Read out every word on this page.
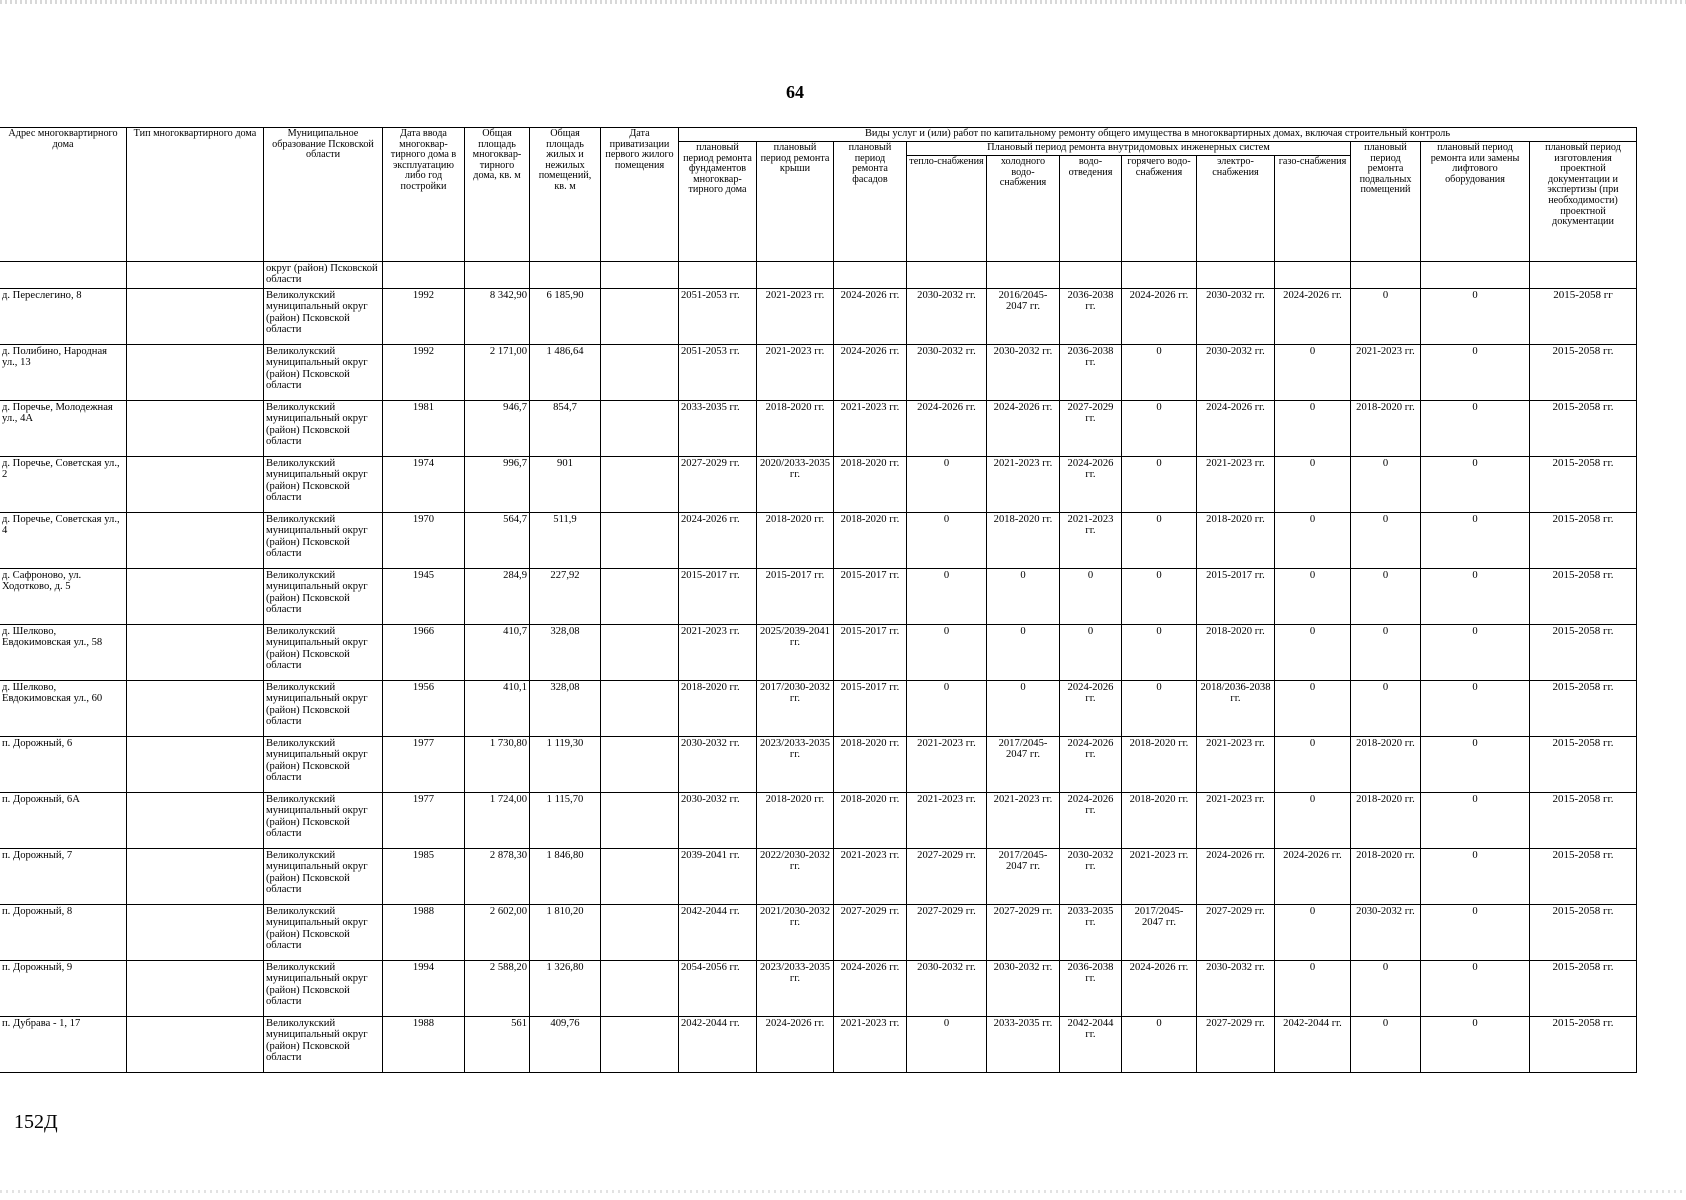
64
Адрес многоквартирного дома	Тип многоквартирного дома	Муниципальное образование Псковской области	Дата ввода многоквар-тирного дома в эксплуатацию либо год постройки	Общая площадь многоквар-тирного дома, кв. м	Общая площадь жилых и нежилых помещений, кв. м	Дата приватизации первого жилого помещения	Виды услуг и (или) работ по капитальному ремонту общего имущества в многоквартирных домах, включая строительный контроль											
							плановый период ремонта фундаментов многоквар-тирного дома	плановый период ремонта крыши	плановый период ремонта фасадов	Плановый период ремонта внутридомовых инженерных систем						плановый период ремонта подвальных помещений	плановый период ремонта или замены лифтового оборудования	плановый период изготовления проектной документации и экспертизы (при необходимости) проектной документации
										тепло-снабжения	холодного водо-снабжения	водо-отведения	горячего водо-снабжения	электро-снабжения	газо-снабжения			
		округ (район) Псковской области																
д. Переслегино, 8		Великолукский муниципальный округ (район) Псковской области	1992	8 342,90	6 185,90		2051-2053 гг.	2021-2023 гг.	2024-2026 гг.	2030-2032 гг.	2016/2045-2047 гг.	2036-2038 гг.	2024-2026 гг.	2030-2032 гг.	2024-2026 гг.	0	0	2015-2058 гг
д. Полибино, Народная ул., 13		Великолукский муниципальный округ (район) Псковской области	1992	2 171,00	1 486,64		2051-2053 гг.	2021-2023 гг.	2024-2026 гг.	2030-2032 гг.	2030-2032 гг.	2036-2038 гг.	0	2030-2032 гг.	0	2021-2023 гг.	0	2015-2058 гг.
д. Поречье, Молодежная ул., 4А		Великолукский муниципальный округ (район) Псковской области	1981	946,7	854,7		2033-2035 гг.	2018-2020 гг.	2021-2023 гг.	2024-2026 гг.	2024-2026 гг.	2027-2029 гг.	0	2024-2026 гг.	0	2018-2020 гг.	0	2015-2058 гг.
д. Поречье, Советская ул., 2		Великолукский муниципальный округ (район) Псковской области	1974	996,7	901		2027-2029 гг.	2020/2033-2035 гг.	2018-2020 гг.	0	2021-2023 гг.	2024-2026 гг.	0	2021-2023 гг.	0	0	0	2015-2058 гг.
д. Поречье, Советская ул., 4		Великолукский муниципальный округ (район) Псковской области	1970	564,7	511,9		2024-2026 гг.	2018-2020 гг.	2018-2020 гг.	0	2018-2020 гг.	2021-2023 гг.	0	2018-2020 гг.	0	0	0	2015-2058 гг.
д. Сафроново, ул. Ходотково, д. 5		Великолукский муниципальный округ (район) Псковской области	1945	284,9	227,92		2015-2017 гг.	2015-2017 гг.	2015-2017 гг.	0	0	0	0	2015-2017 гг.	0	0	0	2015-2058 гг.
д. Шелково, Евдокимовская ул., 58		Великолукский муниципальный округ (район) Псковской области	1966	410,7	328,08		2021-2023 гг.	2025/2039-2041 гг.	2015-2017 гг.	0	0	0	0	2018-2020 гг.	0	0	0	2015-2058 гг.
д. Шелково, Евдокимовская ул., 60		Великолукский муниципальный округ (район) Псковской области	1956	410,1	328,08		2018-2020 гг.	2017/2030-2032 гг.	2015-2017 гг.	0	0	2024-2026 гг.	0	2018/2036-2038 гг.	0	0	0	2015-2058 гг.
п. Дорожный, 6		Великолукский муниципальный округ (район) Псковской области	1977	1 730,80	1 119,30		2030-2032 гг.	2023/2033-2035 гг.	2018-2020 гг.	2021-2023 гг.	2017/2045-2047 гг.	2024-2026 гг.	2018-2020 гг.	2021-2023 гг.	0	2018-2020 гг.	0	2015-2058 гг.
п. Дорожный, 6А		Великолукский муниципальный округ (район) Псковской области	1977	1 724,00	1 115,70		2030-2032 гг.	2018-2020 гг.	2018-2020 гг.	2021-2023 гг.	2021-2023 гг.	2024-2026 гг.	2018-2020 гг.	2021-2023 гг.	0	2018-2020 гг.	0	2015-2058 гг.
п. Дорожный, 7		Великолукский муниципальный округ (район) Псковской области	1985	2 878,30	1 846,80		2039-2041 гг.	2022/2030-2032 гг.	2021-2023 гг.	2027-2029 гг.	2017/2045-2047 гг.	2030-2032 гг.	2021-2023 гг.	2024-2026 гг.	2024-2026 гг.	2018-2020 гг.	0	2015-2058 гг.
п. Дорожный, 8		Великолукский муниципальный округ (район) Псковской области	1988	2 602,00	1 810,20		2042-2044 гг.	2021/2030-2032 гг.	2027-2029 гг.	2027-2029 гг.	2027-2029 гг.	2033-2035 гг.	2017/2045-2047 гг.	2027-2029 гг.	0	2030-2032 гг.	0	2015-2058 гг.
п. Дорожный, 9		Великолукский муниципальный округ (район) Псковской области	1994	2 588,20	1 326,80		2054-2056 гг.	2023/2033-2035 гг.	2024-2026 гг.	2030-2032 гг.	2030-2032 гг.	2036-2038 гг.	2024-2026 гг.	2030-2032 гг.	0	0	0	2015-2058 гг.
п. Дубрава - 1, 17		Великолукский муниципальный округ (район) Псковской области	1988	561	409,76		2042-2044 гг.	2024-2026 гг.	2021-2023 гг.	0	2033-2035 гг.	2042-2044 гг.	0	2027-2029 гг.	2042-2044 гг.	0	0	2015-2058 гг.
152Д
